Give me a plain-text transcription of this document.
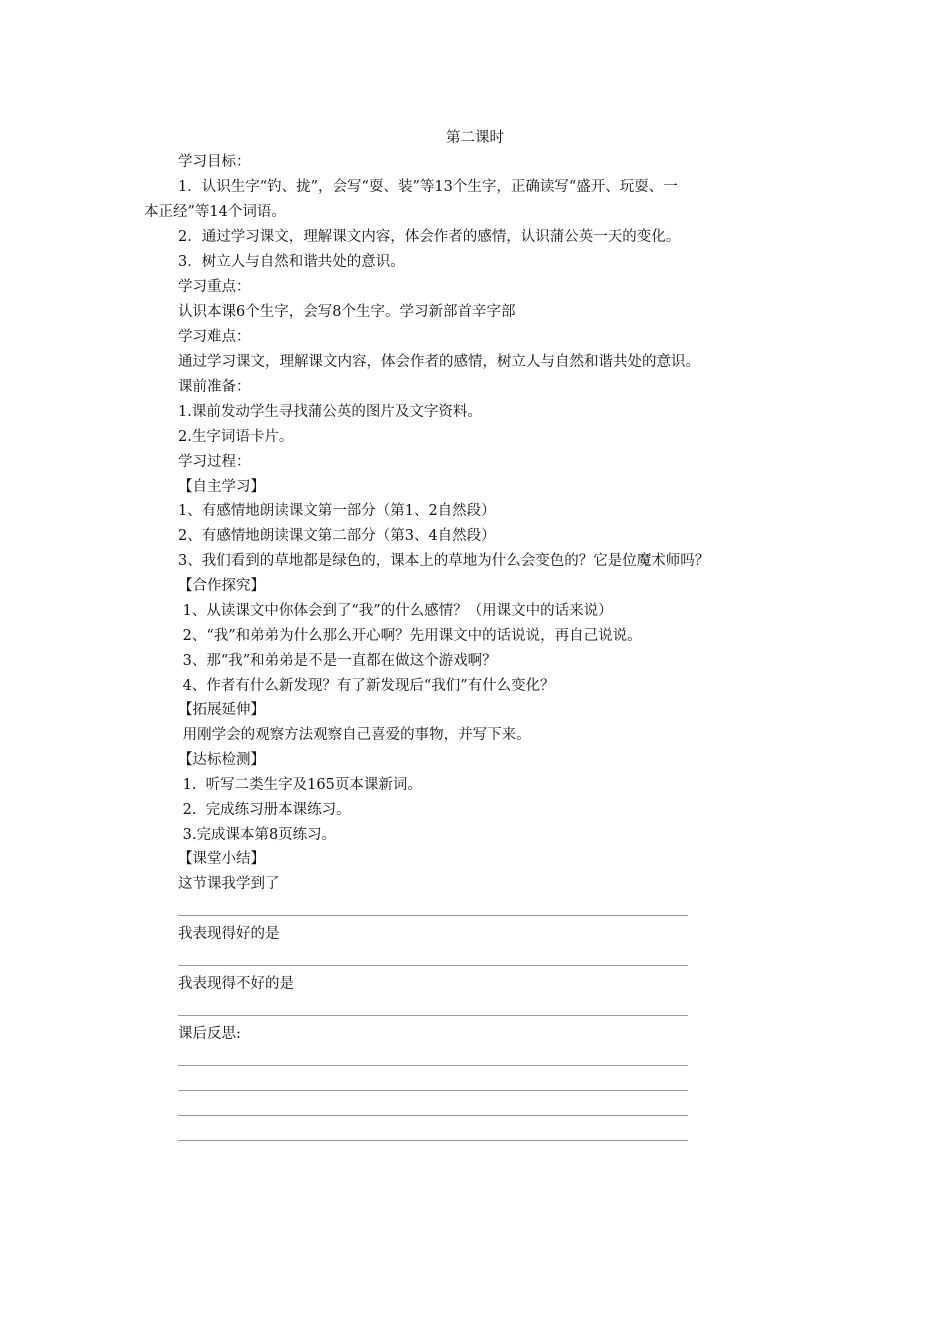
第二课时
学习目标：
1．认识生字“钓、拢”，会写“耍、装”等13个生字，正确读写“盛开、玩耍、一
本正经”等14个词语。
2．通过学习课文，理解课文内容，体会作者的感情，认识蒲公英一天的变化。
3．树立人与自然和谐共处的意识。
学习重点：
认识本课6个生字，会写8个生字。学习新部首辛字部
学习难点：
通过学习课文，理解课文内容，体会作者的感情，树立人与自然和谐共处的意识。
课前准备：
1.课前发动学生寻找蒲公英的图片及文字资料。
2.生字词语卡片。
学习过程：
【自主学习】
1、有感情地朗读课文第一部分（第1、2自然段）
2、有感情地朗读课文第二部分（第3、4自然段）
3、我们看到的草地都是绿色的，课本上的草地为什么会变色的？它是位魔术师吗？
【合作探究】
1、从读课文中你体会到了“我”的什么感情？（用课文中的话来说）
2、“我”和弟弟为什么那么开心啊？先用课文中的话说说，再自己说说。
3、那“我”和弟弟是不是一直都在做这个游戏啊？
4、作者有什么新发现？有了新发现后“我们”有什么变化？
【拓展延伸】
用刚学会的观察方法观察自己喜爱的事物，并写下来。
【达标检测】
1.  听写二类生字及165页本课新词。
2.  完成练习册本课练习。
3.完成课本第8页练习。
【课堂小结】
这节课我学到了
我表现得好的是
我表现得不好的是
课后反思:
